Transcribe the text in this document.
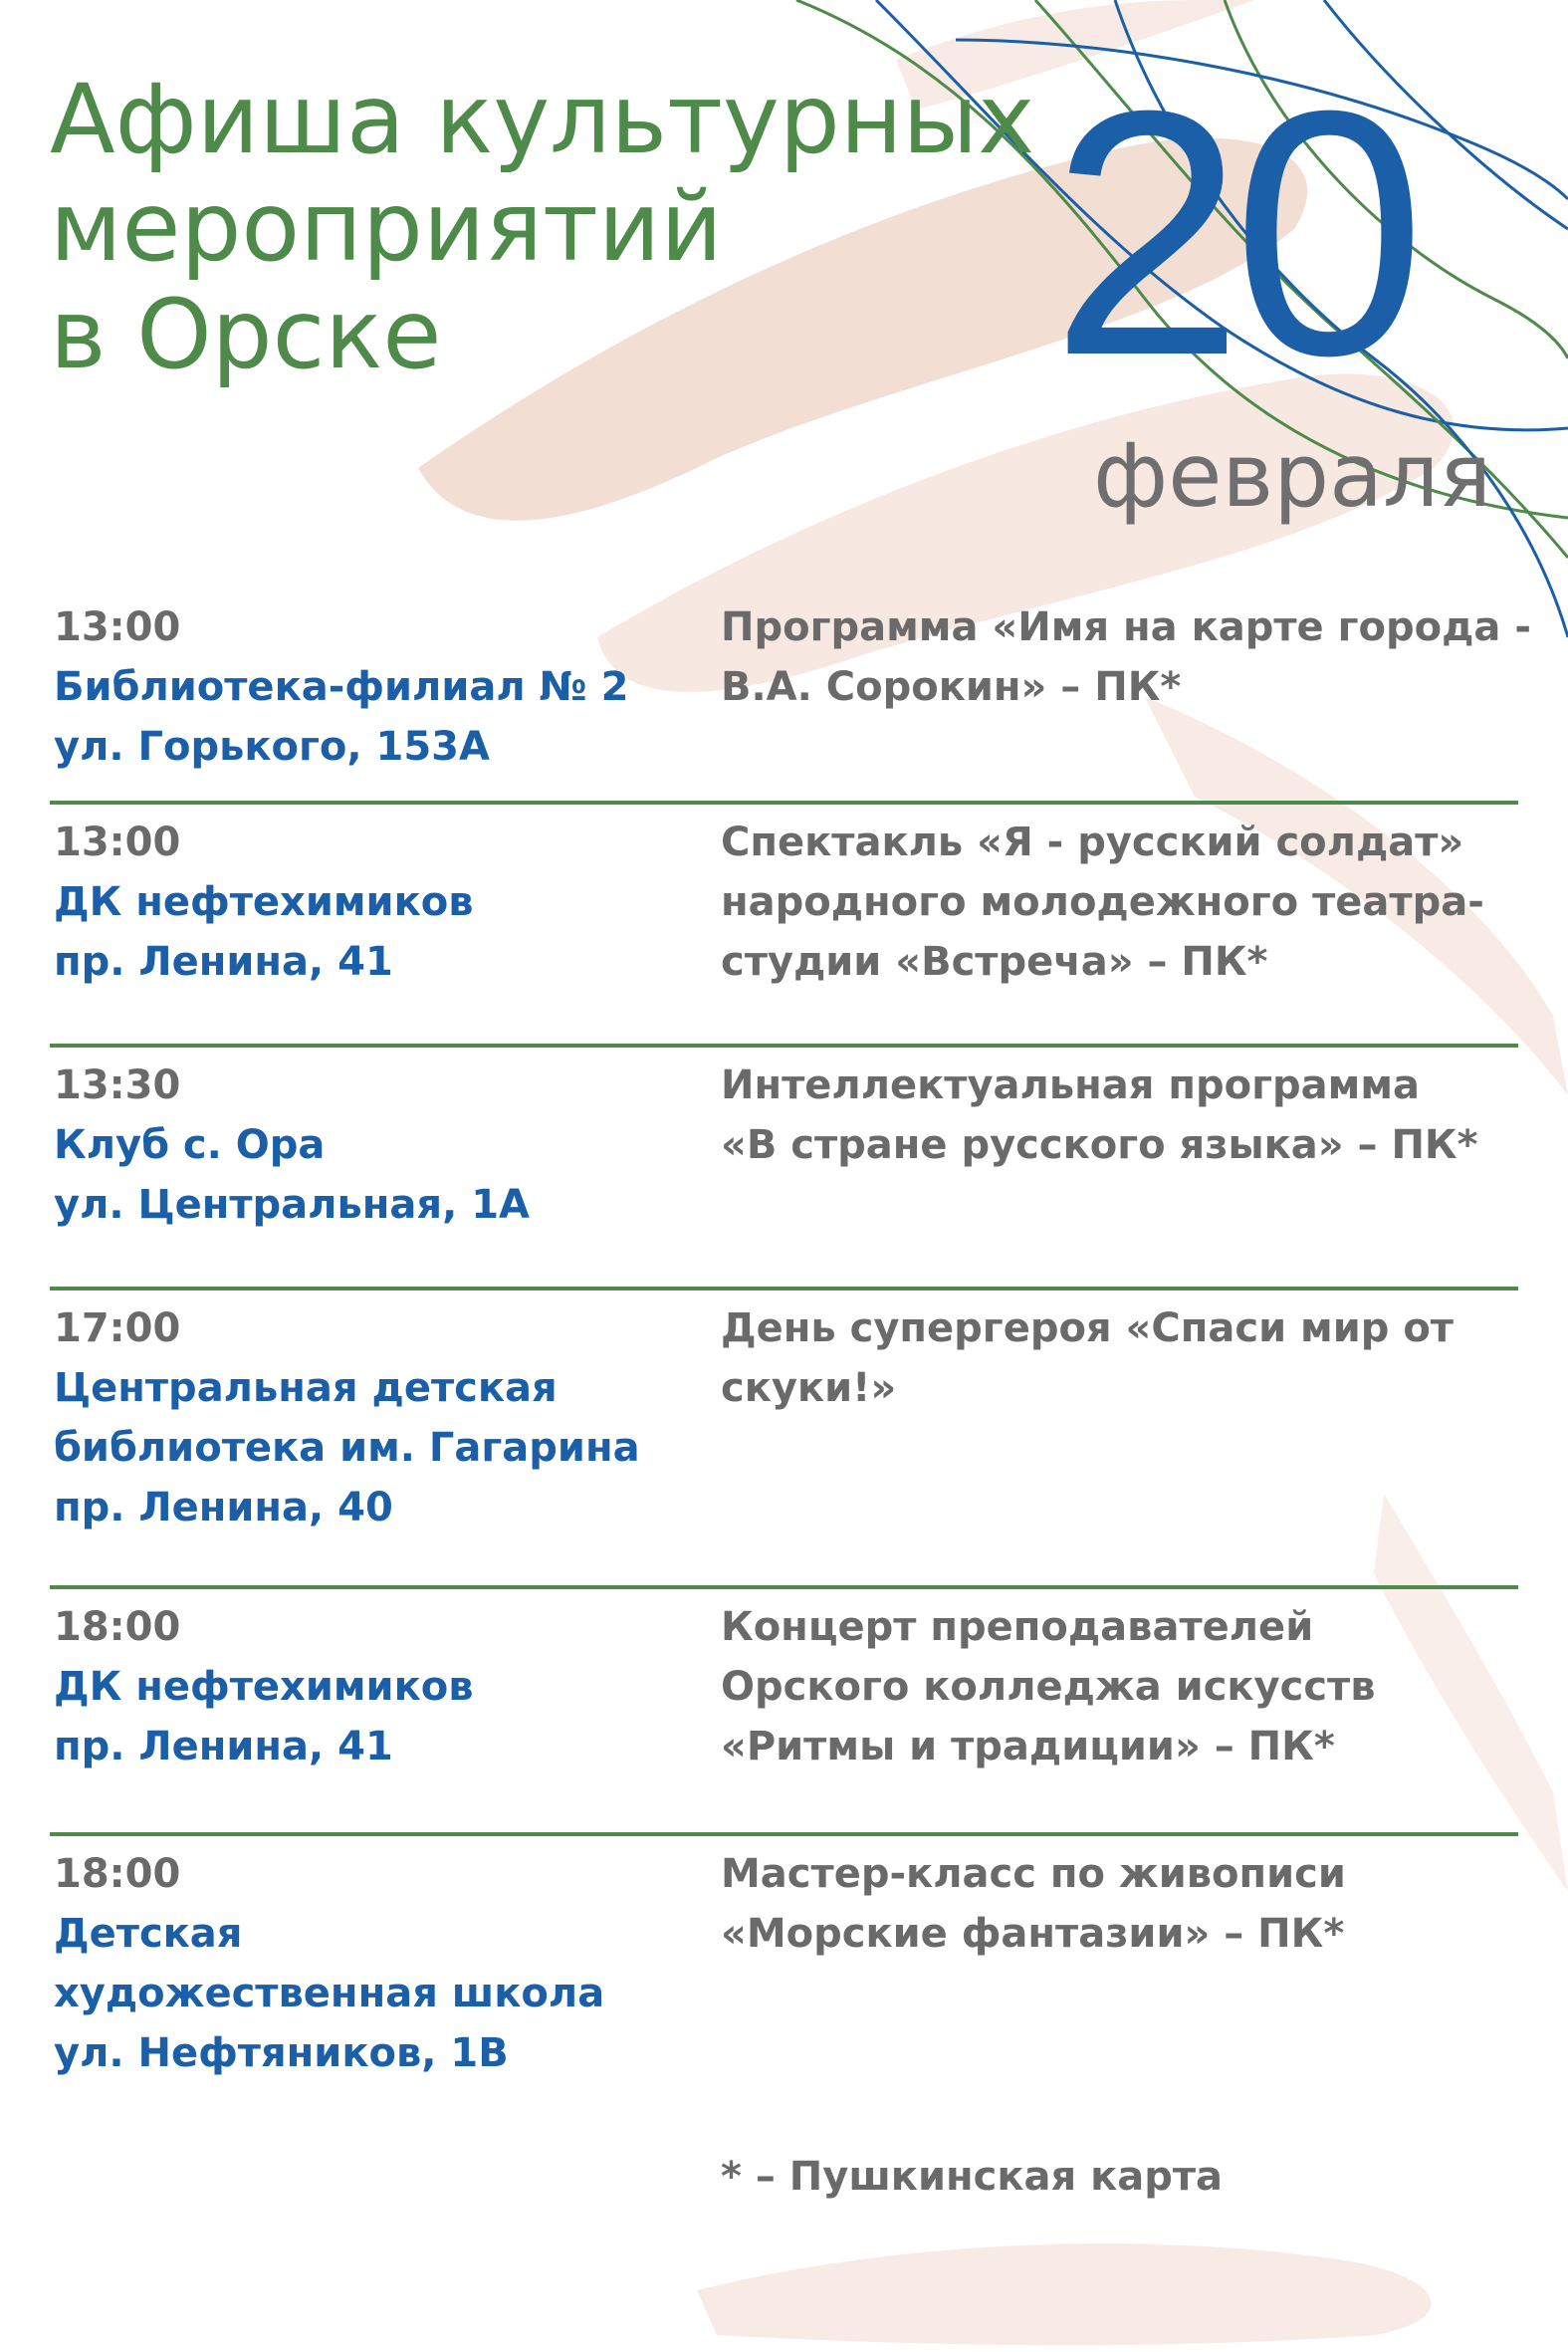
Афиша культурных
мероприятий
в Орске	20
февраля
13:00
Библиотека-филиал № 2
ул. Горького, 153А
Программа «Имя на карте города -
В.А. Сорокин» – ПК*
13:00
ДК нефтехимиков
пр. Ленина, 41
Спектакль «Я - русский солдат»
народного молодежного театра-
студии «Встреча» – ПК*
13:30
Клуб с. Ора
ул. Центральная, 1А
Интеллектуальная программа
«В стране русского языка» – ПК*
17:00
Центральная детская
библиотека им. Гагарина
пр. Ленина, 40
День супергероя «Спаси мир от
скуки!»
18:00
ДК нефтехимиков
пр. Ленина, 41
Концерт преподавателей
Орского колледжа искусств
«Ритмы и традиции» – ПК*
18:00
Детская
художественная школа
ул. Нефтяников, 1В
Мастер-класс по живописи
«Морские фантазии» – ПК*
* – Пушкинская карта
